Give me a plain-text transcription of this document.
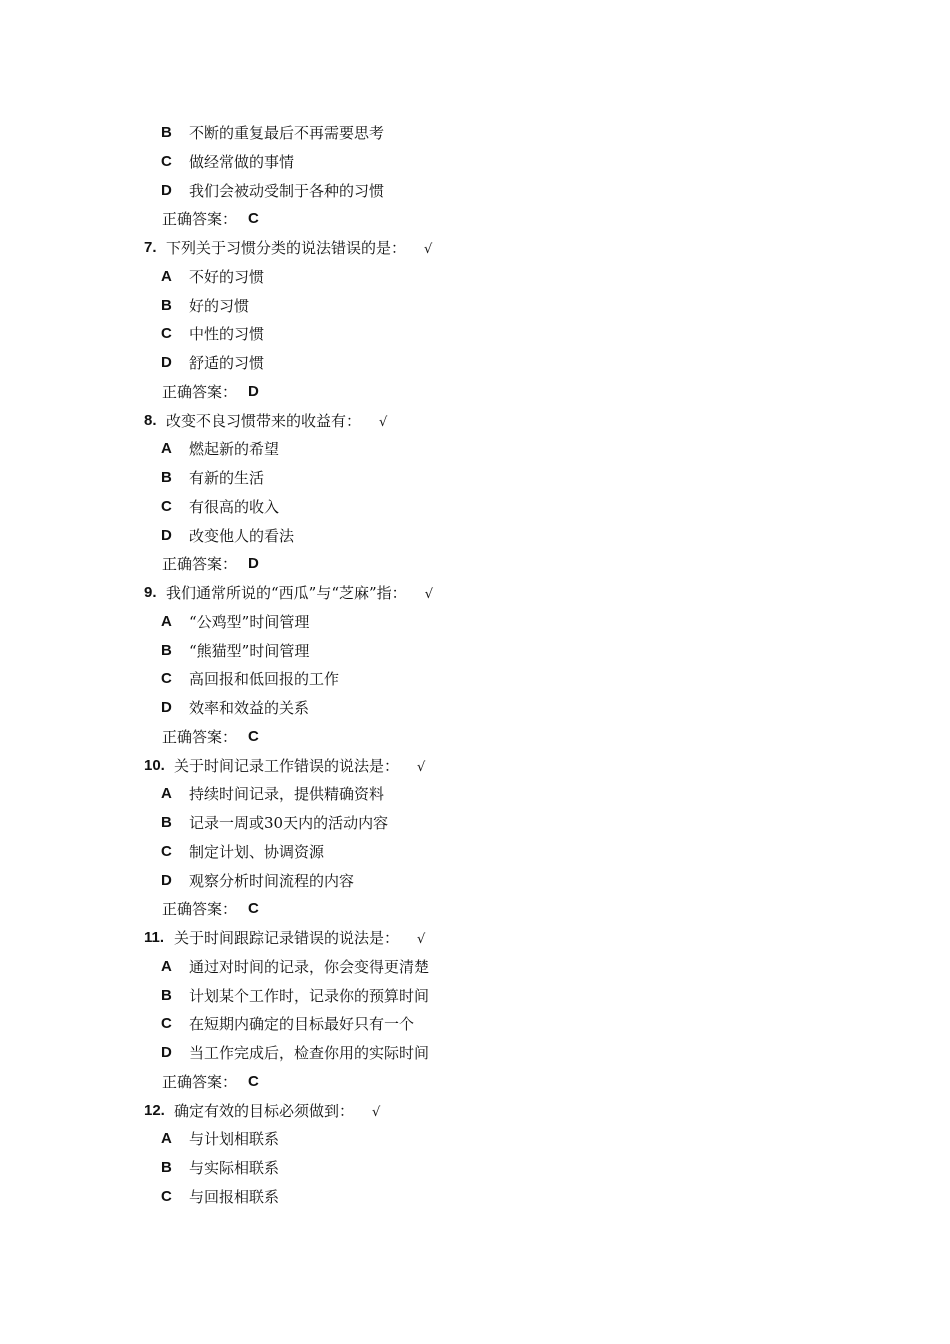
B	不断的重复最后不再需要思考
C	做经常做的事情
D	我们会被动受制于各种的习惯
正确答案： C
7. 下列关于习惯分类的说法错误的是： √
A	不好的习惯
B	好的习惯
C	中性的习惯
D	舒适的习惯
正确答案： D
8. 改变不良习惯带来的收益有： √
A	燃起新的希望
B	有新的生活
C	有很高的收入
D	改变他人的看法
正确答案： D
9. 我们通常所说的“西瓜”与“芝麻”指： √
A	“公鸡型”时间管理
B	“熊猫型”时间管理
C	高回报和低回报的工作
D	效率和效益的关系
正确答案： C
10. 关于时间记录工作错误的说法是： √
A	持续时间记录，提供精确资料
B	记录一周或30天内的活动内容
C	制定计划、协调资源
D	观察分析时间流程的内容
正确答案： C
11. 关于时间跟踪记录错误的说法是： √
A	通过对时间的记录，你会变得更清楚
B	计划某个工作时，记录你的预算时间
C	在短期内确定的目标最好只有一个
D	当工作完成后，检查你用的实际时间
正确答案： C
12. 确定有效的目标必须做到： √
A	与计划相联系
B	与实际相联系
C	与回报相联系
